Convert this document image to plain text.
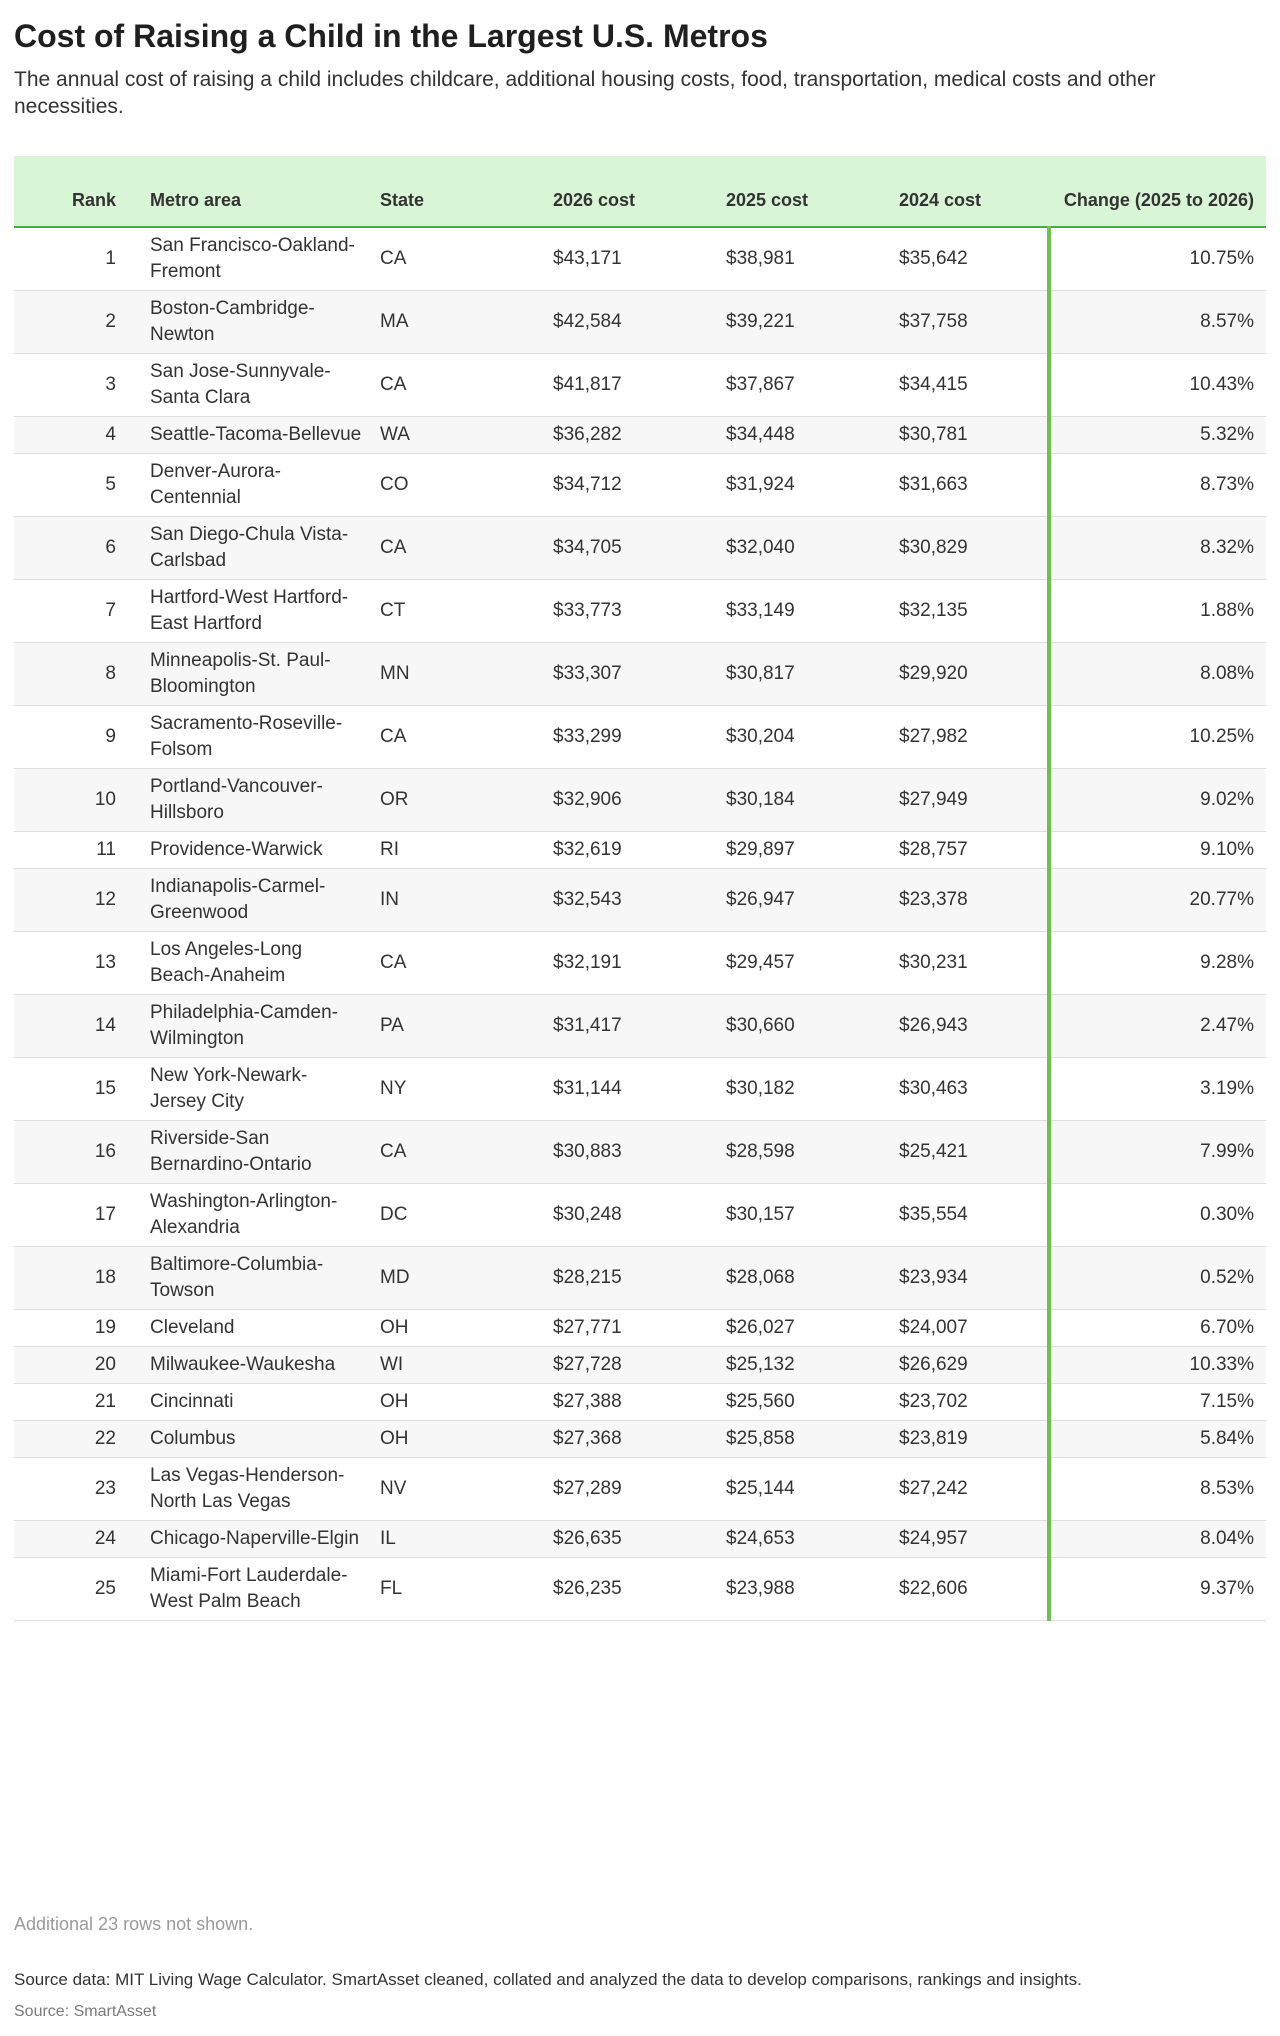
Cost of Raising a Child in the Largest U.S. Metros

The annual cost of raising a child includes childcare, additional housing costs, food, transportation, medical costs and other necessities.

Rank	Metro area	State	2026 cost	2025 cost	2024 cost	Change (2025 to 2026)
1	San Francisco-Oakland-Fremont	CA	$43,171	$38,981	$35,642	10.75%
2	Boston-Cambridge-Newton	MA	$42,584	$39,221	$37,758	8.57%
3	San Jose-Sunnyvale-Santa Clara	CA	$41,817	$37,867	$34,415	10.43%
4	Seattle-Tacoma-Bellevue	WA	$36,282	$34,448	$30,781	5.32%
5	Denver-Aurora-Centennial	CO	$34,712	$31,924	$31,663	8.73%
6	San Diego-Chula Vista-Carlsbad	CA	$34,705	$32,040	$30,829	8.32%
7	Hartford-West Hartford-East Hartford	CT	$33,773	$33,149	$32,135	1.88%
8	Minneapolis-St. Paul-Bloomington	MN	$33,307	$30,817	$29,920	8.08%
9	Sacramento-Roseville-Folsom	CA	$33,299	$30,204	$27,982	10.25%
10	Portland-Vancouver-Hillsboro	OR	$32,906	$30,184	$27,949	9.02%
11	Providence-Warwick	RI	$32,619	$29,897	$28,757	9.10%
12	Indianapolis-Carmel-Greenwood	IN	$32,543	$26,947	$23,378	20.77%
13	Los Angeles-Long Beach-Anaheim	CA	$32,191	$29,457	$30,231	9.28%
14	Philadelphia-Camden-Wilmington	PA	$31,417	$30,660	$26,943	2.47%
15	New York-Newark-Jersey City	NY	$31,144	$30,182	$30,463	3.19%
16	Riverside-San Bernardino-Ontario	CA	$30,883	$28,598	$25,421	7.99%
17	Washington-Arlington-Alexandria	DC	$30,248	$30,157	$35,554	0.30%
18	Baltimore-Columbia-Towson	MD	$28,215	$28,068	$23,934	0.52%
19	Cleveland	OH	$27,771	$26,027	$24,007	6.70%
20	Milwaukee-Waukesha	WI	$27,728	$25,132	$26,629	10.33%
21	Cincinnati	OH	$27,388	$25,560	$23,702	7.15%
22	Columbus	OH	$27,368	$25,858	$23,819	5.84%
23	Las Vegas-Henderson-North Las Vegas	NV	$27,289	$25,144	$27,242	8.53%
24	Chicago-Naperville-Elgin	IL	$26,635	$24,653	$24,957	8.04%
25	Miami-Fort Lauderdale-West Palm Beach	FL	$26,235	$23,988	$22,606	9.37%
Additional 23 rows not shown.
Source data: MIT Living Wage Calculator. SmartAsset cleaned, collated and analyzed the data to develop comparisons, rankings and insights.
Source: SmartAsset
